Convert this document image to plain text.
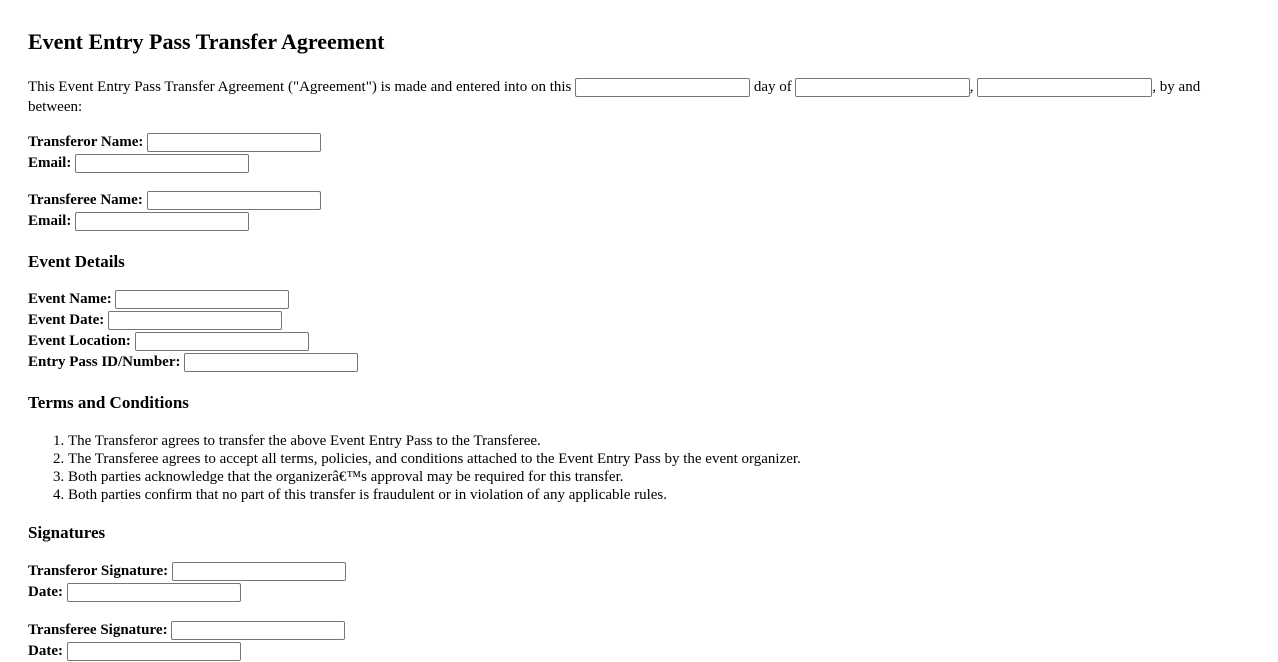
Event Entry Pass Transfer Agreement
This Event Entry Pass Transfer Agreement ("Agreement") is made and entered into on this	day of	,	, by and between:
Transferor Name:
Email:
Transferee Name:
Email:
Event Details
Event Name:
Event Date:
Event Location:
Entry Pass ID/Number:
Terms and Conditions
1. The Transferor agrees to transfer the above Event Entry Pass to the Transferee.
2. The Transferee agrees to accept all terms, policies, and conditions attached to the Event Entry Pass by the event organizer.
3. Both parties acknowledge that the organizerâ€™s approval may be required for this transfer.
4. Both parties confirm that no part of this transfer is fraudulent or in violation of any applicable rules.
Signatures
Transferor Signature:
Date:
Transferee Signature:
Date:
